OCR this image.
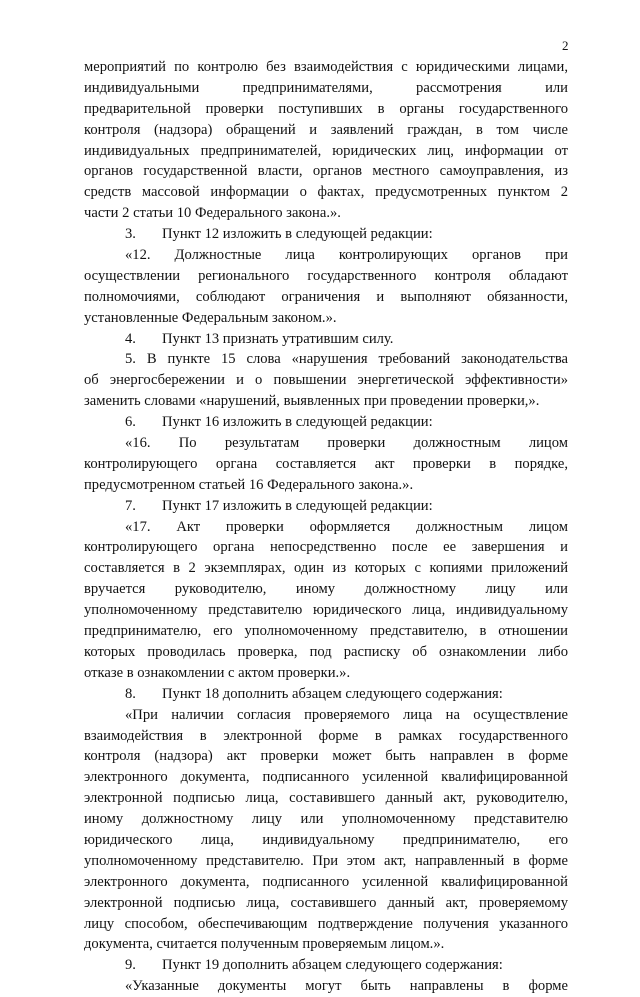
2
мероприятий по контролю без взаимодействия с юридическими лицами,
индивидуальными предпринимателями, рассмотрения или
предварительной проверки поступивших в органы государственного
контроля (надзора) обращений и заявлений граждан, в том числе
индивидуальных предпринимателей, юридических лиц, информации от
органов государственной власти, органов местного самоуправления, из
средств массовой информации о фактах, предусмотренных пунктом 2
части 2 статьи 10 Федерального закона.».
3. Пункт 12 изложить в следующей редакции:
«12. Должностные лица контролирующих органов при
осуществлении регионального государственного контроля обладают
полномочиями, соблюдают ограничения и выполняют обязанности,
установленные Федеральным законом.».
4. Пункт 13 признать утратившим силу.
5. В пункте 15 слова «нарушения требований законодательства
об энергосбережении и о повышении энергетической эффективности»
заменить словами «нарушений, выявленных при проведении проверки,».
6. Пункт 16 изложить в следующей редакции:
«16. По результатам проверки должностным лицом
контролирующего органа составляется акт проверки в порядке,
предусмотренном статьей 16 Федерального закона.».
7. Пункт 17 изложить в следующей редакции:
«17. Акт проверки оформляется должностным лицом
контролирующего органа непосредственно после ее завершения и
составляется в 2 экземплярах, один из которых с копиями приложений
вручается руководителю, иному должностному лицу или
уполномоченному представителю юридического лица, индивидуальному
предпринимателю, его уполномоченному представителю, в отношении
которых проводилась проверка, под расписку об ознакомлении либо
отказе в ознакомлении с актом проверки.».
8. Пункт 18 дополнить абзацем следующего содержания:
«При наличии согласия проверяемого лица на осуществление
взаимодействия в электронной форме в рамках государственного
контроля (надзора) акт проверки может быть направлен в форме
электронного документа, подписанного усиленной квалифицированной
электронной подписью лица, составившего данный акт, руководителю,
иному должностному лицу или уполномоченному представителю
юридического лица, индивидуальному предпринимателю, его
уполномоченному представителю. При этом акт, направленный в форме
электронного документа, подписанного усиленной квалифицированной
электронной подписью лица, составившего данный акт, проверяемому
лицу способом, обеспечивающим подтверждение получения указанного
документа, считается полученным проверяемым лицом.».
9. Пункт 19 дополнить абзацем следующего содержания:
«Указанные документы могут быть направлены в форме
